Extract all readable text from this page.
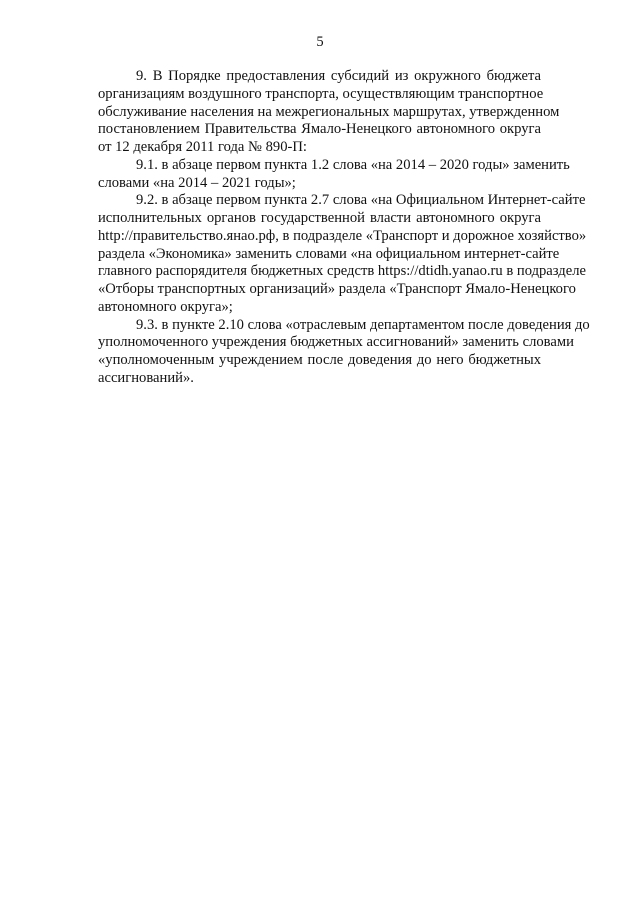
5
9. В Порядке предоставления субсидий из окружного бюджета
организациям воздушного транспорта, осуществляющим транспортное
обслуживание населения на межрегиональных маршрутах, утвержденном
постановлением Правительства Ямало-Ненецкого автономного округа
от 12 декабря 2011 года № 890-П:
9.1. в абзаце первом пункта 1.2 слова «на 2014 – 2020 годы» заменить
словами «на 2014 – 2021 годы»;
9.2. в абзаце первом пункта 2.7 слова «на Официальном Интернет-сайте
исполнительных органов государственной власти автономного округа
http://правительство.янао.рф, в подразделе «Транспорт и дорожное хозяйство»
раздела «Экономика» заменить словами «на официальном интернет-сайте
главного распорядителя бюджетных средств https://dtidh.yanao.ru в подразделе
«Отборы транспортных организаций» раздела «Транспорт Ямало-Ненецкого
автономного округа»;
9.3. в пункте 2.10 слова «отраслевым департаментом после доведения до
уполномоченного учреждения бюджетных ассигнований» заменить словами
«уполномоченным учреждением после доведения до него бюджетных
ассигнований».
